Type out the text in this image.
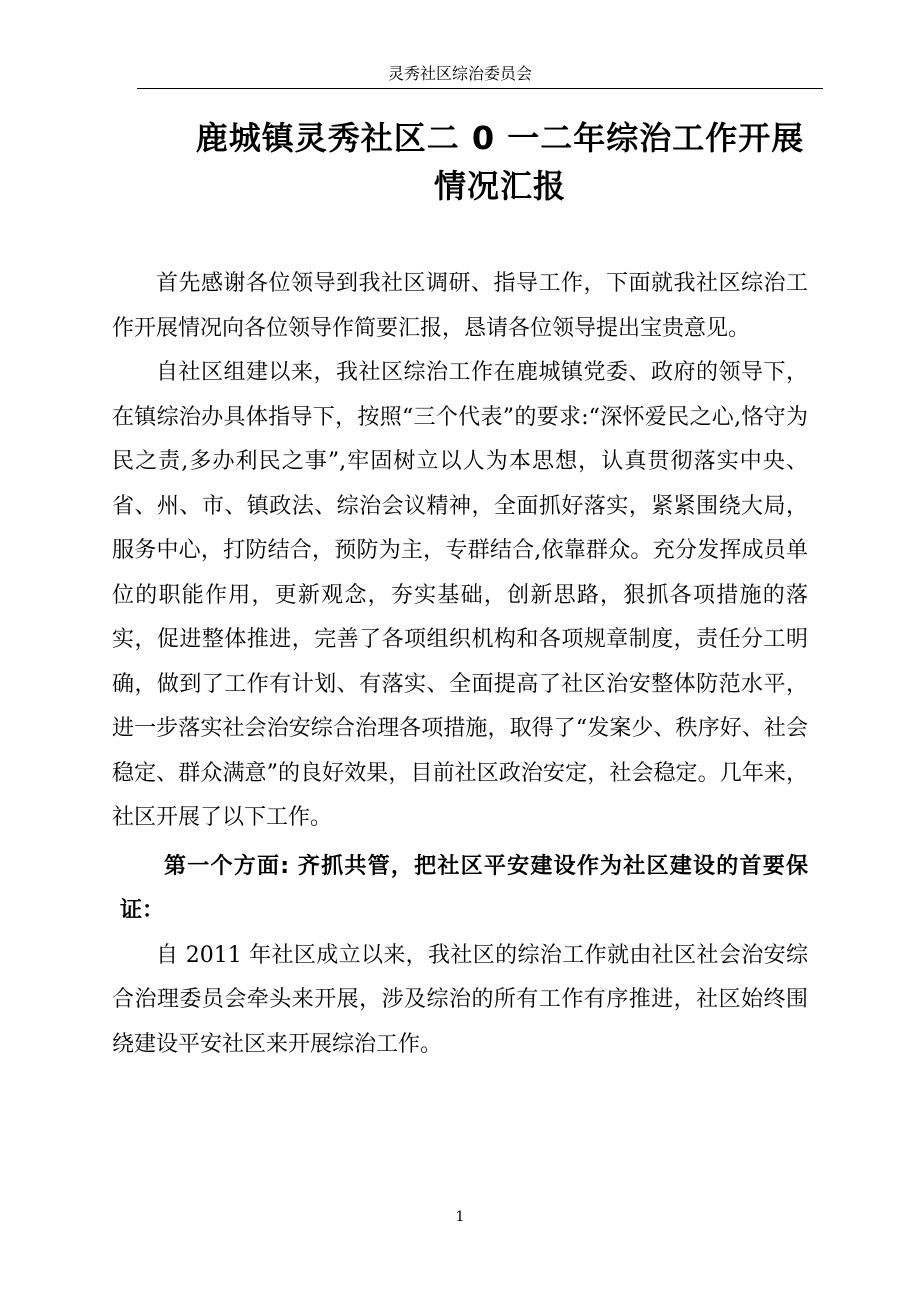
灵秀社区综治委员会
鹿城镇灵秀社区二 0 一二年综治工作开展
情况汇报

首先感谢各位领导到我社区调研、指导工作，下面就我社区综治工作开展情况向各位领导作简要汇报，恳请各位领导提出宝贵意见。

自社区组建以来，我社区综治工作在鹿城镇党委、政府的领导下，在镇综治办具体指导下，按照“三个代表”的要求:“深怀爱民之心,恪守为民之责,多办利民之事”,牢固树立以人为本思想，认真贯彻落实中央、省、州、市、镇政法、综治会议精神，全面抓好落实，紧紧围绕大局，服务中心，打防结合，预防为主，专群结合,依靠群众。充分发挥成员单位的职能作用，更新观念，夯实基础，创新思路，狠抓各项措施的落实，促进整体推进，完善了各项组织机构和各项规章制度，责任分工明确，做到了工作有计划、有落实、全面提高了社区治安整体防范水平，进一步落实社会治安综合治理各项措施，取得了“发案少、秩序好、社会稳定、群众满意”的良好效果，目前社区政治安定，社会稳定。几年来，社区开展了以下工作。

第一个方面: 齐抓共管，把社区平安建设作为社区建设的首要保证：

自 2011 年社区成立以来，我社区的综治工作就由社区社会治安综合治理委员会牵头来开展，涉及综治的所有工作有序推进，社区始终围绕建设平安社区来开展综治工作。

1
